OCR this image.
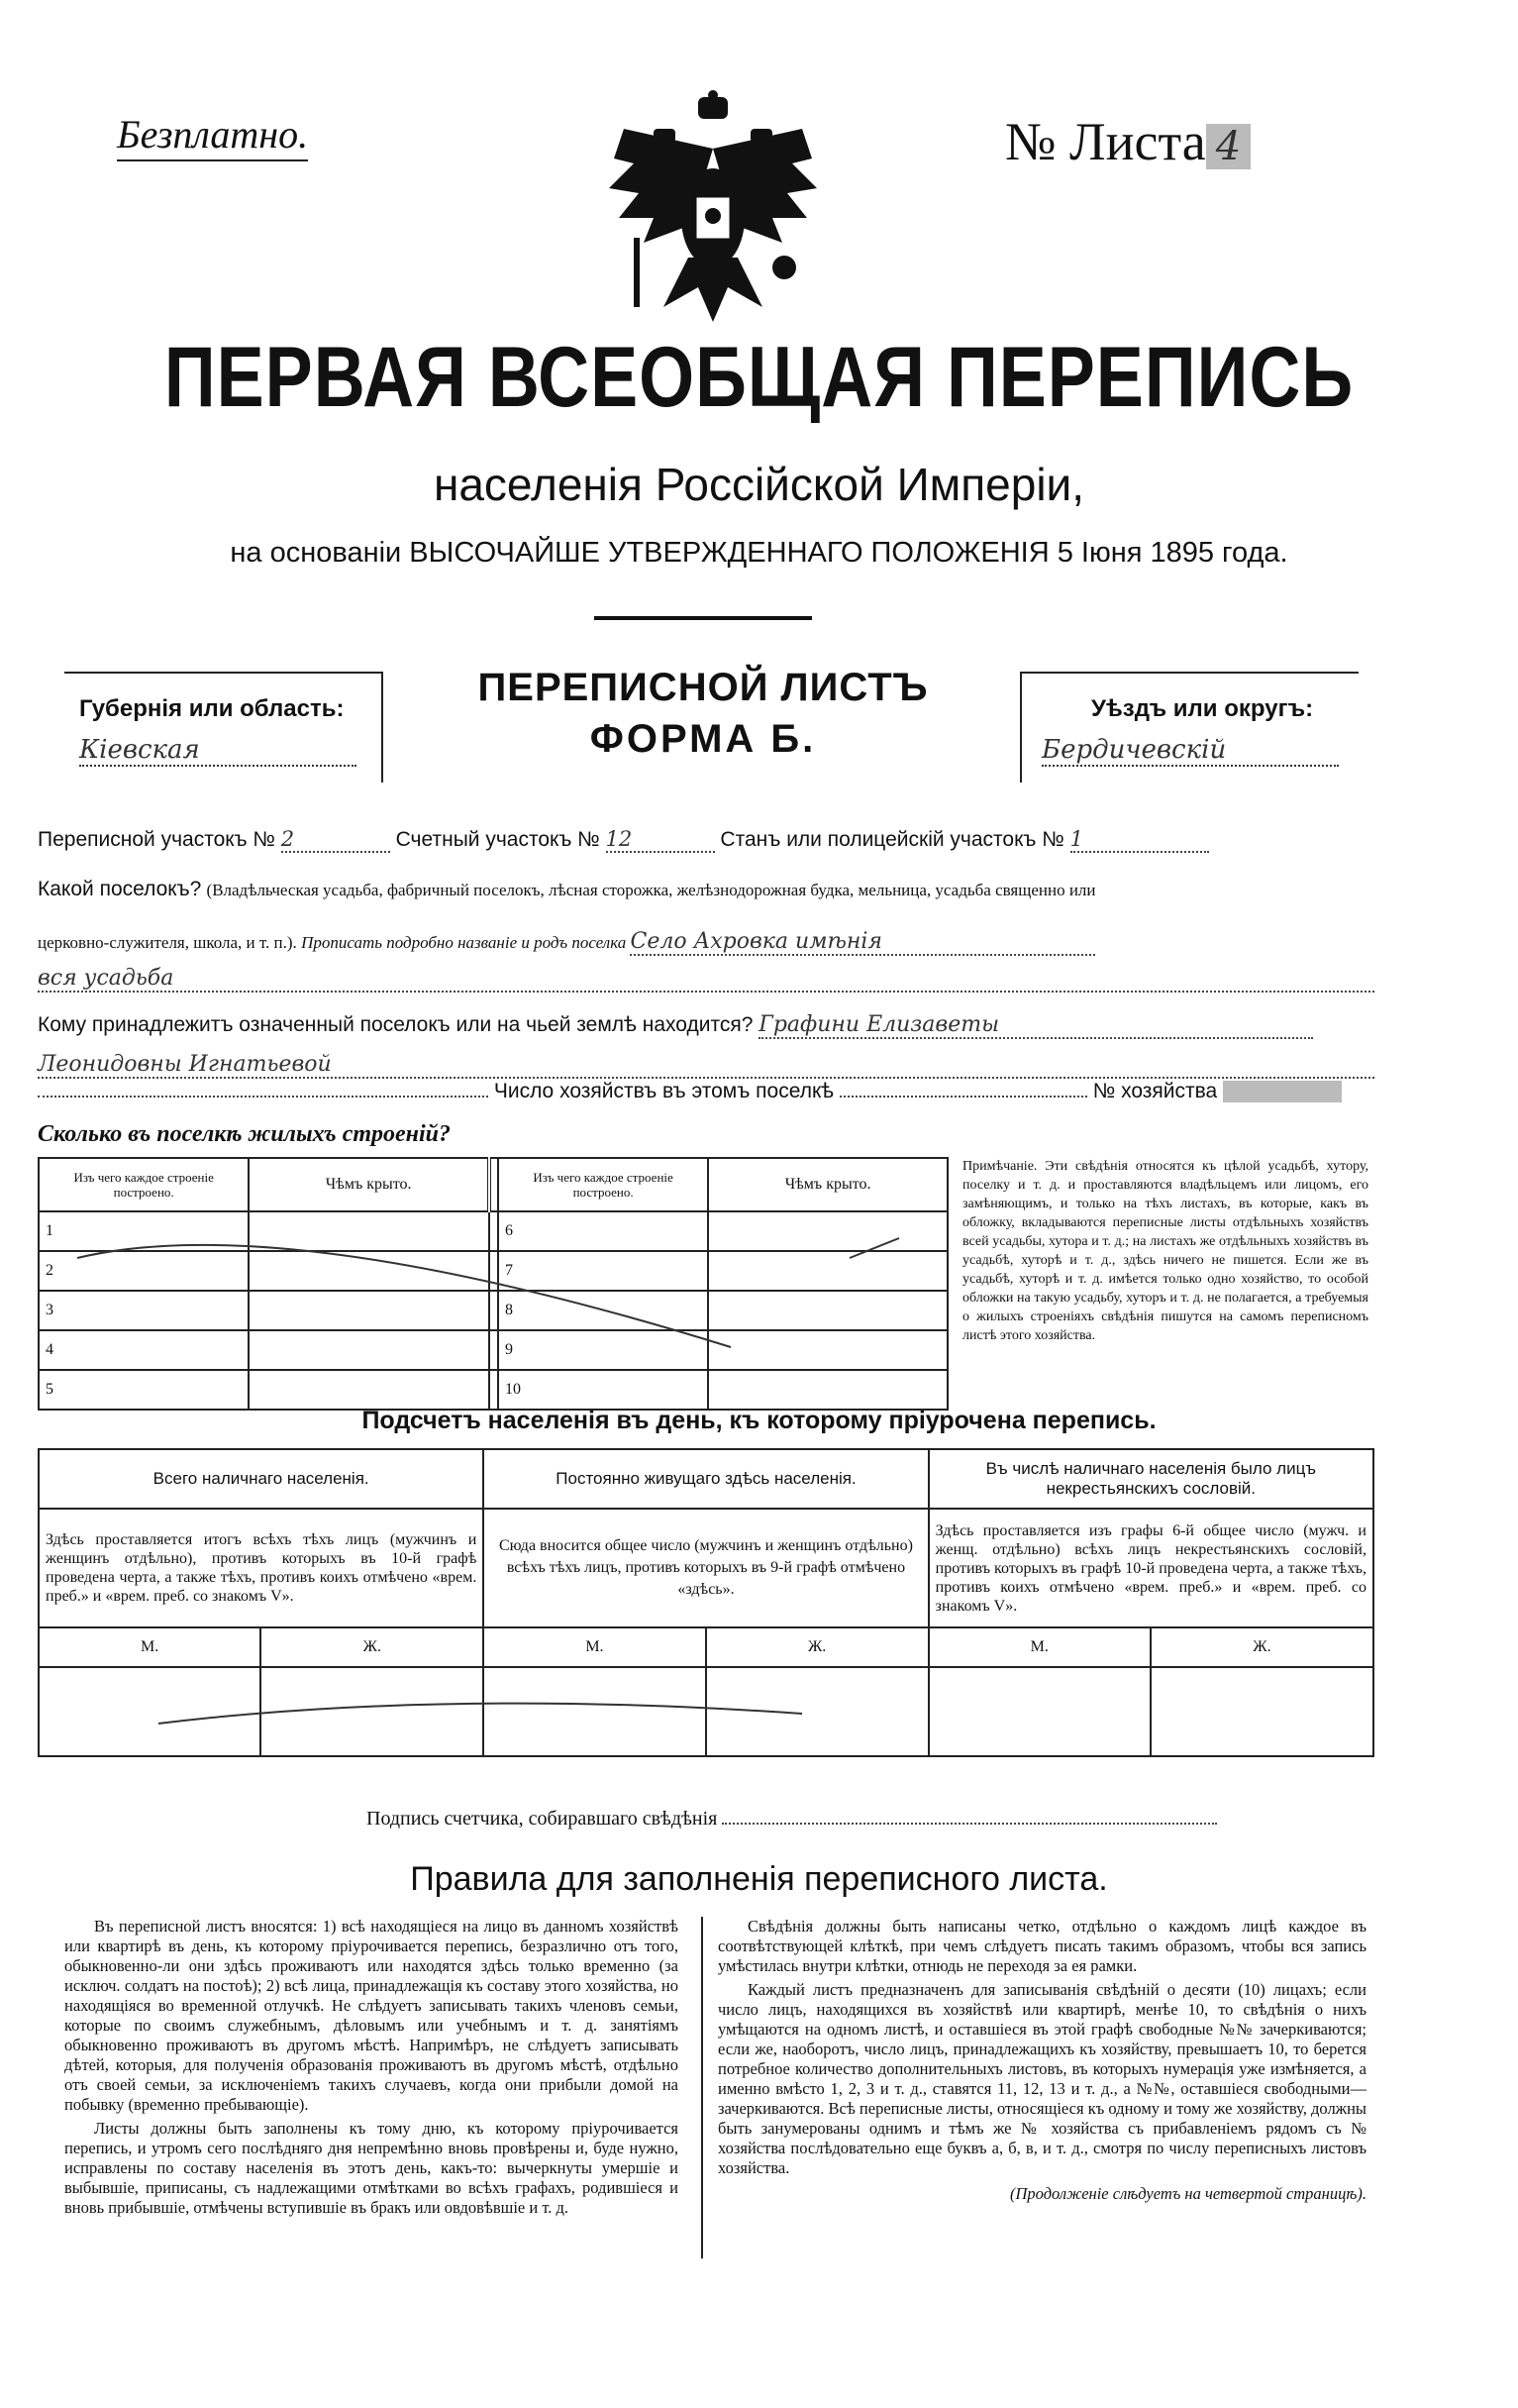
Безплатно.	№ Листа 4
ПЕРВАЯ ВСЕОБЩАЯ ПЕРЕПИСЬ
населенія Россійской Имперіи,
на основаніи ВЫСОЧАЙШЕ УТВЕРЖДЕННАГО ПОЛОЖЕНІЯ 5 Іюня 1895 года.
Губернія или область:
Кіевская
ПЕРЕПИСНОЙ ЛИСТЪ
ФОРМА Б.
Уѣздъ или округъ:
Бердичевскій
Переписной участокъ № 2	Счетный участокъ № 12	Станъ или полицейскій участокъ № 1
Какой поселокъ? (Владѣльческая усадьба, фабричный поселокъ, лѣсная сторожка, желѣзнодорожная будка, мельница, усадьба священно или
церковно-служителя, школа, и т. п.). Прописать подробно названіе и родъ поселка Село Ахровка имѣнія
вся усадьба
Кому принадлежитъ означенный поселокъ или на чьей землѣ находится? Графини Елизаветы
Леонидовны Игнатьевой
Число хозяйствъ въ этомъ поселкѣ	№ хозяйства
Сколько въ поселкѣ жилыхъ строеній?
Изъ чего каждое строеніе построено.	Чѣмъ крыто.		Изъ чего каждое строеніе построено.	Чѣмъ крыто.
1			6	
2			7	
3			8	
4			9	
5			10	
Примѣчаніе. Эти свѣдѣнія относятся къ цѣлой усадьбѣ, хутору, поселку и т. д. и проставляются владѣльцемъ или лицомъ, его замѣняющимъ, и только на тѣхъ листахъ, въ которые, какъ въ обложку, вкладываются переписные листы отдѣльныхъ хозяйствъ всей усадьбы, хутора и т. д.; на листахъ же отдѣльныхъ хозяйствъ въ усадьбѣ, хуторѣ и т. д., здѣсь ничего не пишется. Если же въ усадьбѣ, хуторѣ и т. д. имѣется только одно хозяйство, то особой обложки на такую усадьбу, хуторъ и т. д. не полагается, а требуемыя о жилыхъ строеніяхъ свѣдѣнія пишутся на самомъ переписномъ листѣ этого хозяйства.
Подсчетъ населенія въ день, къ которому пріурочена перепись.
Всего наличнаго населенія.		Постоянно живущаго здѣсь населенія.		Въ числѣ наличнаго населенія было лицъ некрестьянскихъ сословій.	
Здѣсь проставляется итогъ всѣхъ тѣхъ лицъ (мужчинъ и женщинъ отдѣльно), противъ которыхъ въ 10-й графѣ проведена черта, а также тѣхъ, противъ коихъ отмѣчено «врем. преб.» и «врем. преб. со знакомъ V».		Сюда вносится общее число (мужчинъ и женщинъ отдѣльно) всѣхъ тѣхъ лицъ, противъ которыхъ въ 9-й графѣ отмѣчено «здѣсь».		Здѣсь проставляется изъ графы 6-й общее число (мужч. и женщ. отдѣльно) всѣхъ лицъ некрестьянскихъ сословій, противъ которыхъ въ графѣ 10-й проведена черта, а также тѣхъ, противъ коихъ отмѣчено «врем. преб.» и «врем. преб. со знакомъ V».	
М.	Ж.	М.	Ж.	М.	Ж.

Подпись счетчика, собиравшаго свѣдѣнія
Правила для заполненія переписного листа.

Въ переписной листъ вносятся: 1) всѣ находящіеся на лицо въ данномъ хозяйствѣ или квартирѣ въ день, къ которому пріурочивается перепись, безразлично отъ того, обыкновенно-ли они здѣсь проживаютъ или находятся здѣсь только временно (за исключ. солдатъ на постоѣ); 2) всѣ лица, принадлежащія къ составу этого хозяйства, но находящіяся во временной отлучкѣ. Не слѣдуетъ записывать такихъ членовъ семьи, которые по своимъ служебнымъ, дѣловымъ или учебнымъ и т. д. занятіямъ обыкновенно проживаютъ въ другомъ мѣстѣ. Напримѣръ, не слѣдуетъ записывать дѣтей, которыя, для полученія образованія проживаютъ въ другомъ мѣстѣ, отдѣльно отъ своей семьи, за исключеніемъ такихъ случаевъ, когда они прибыли домой на побывку (временно пребывающіе).

Листы должны быть заполнены къ тому дню, къ которому пріурочивается перепись, и утромъ сего послѣдняго дня непремѣнно вновь провѣрены и, буде нужно, исправлены по составу населенія въ этотъ день, какъ-то: вычеркнуты умершіе и выбывшіе, приписаны, съ надлежащими отмѣтками во всѣхъ графахъ, родившіеся и вновь прибывшіе, отмѣчены вступившіе въ бракъ или овдовѣвшіе и т. д.

Свѣдѣнія должны быть написаны четко, отдѣльно о каждомъ лицѣ каждое въ соотвѣтствующей клѣткѣ, при чемъ слѣдуетъ писать такимъ образомъ, чтобы вся запись умѣстилась внутри клѣтки, отнюдь не переходя за ея рамки.

Каждый листъ предназначенъ для записыванія свѣдѣній о десяти (10) лицахъ; если число лицъ, находящихся въ хозяйствѣ или квартирѣ, менѣе 10, то свѣдѣнія о нихъ умѣщаются на одномъ листѣ, и оставшіеся въ этой графѣ свободные №№ зачеркиваются; если же, наоборотъ, число лицъ, принадлежащихъ къ хозяйству, превышаетъ 10, то берется потребное количество дополнительныхъ листовъ, въ которыхъ нумерація уже измѣняется, а именно вмѣсто 1, 2, 3 и т. д., ставятся 11, 12, 13 и т. д., а №№, оставшіеся свободными—зачеркиваются. Всѣ переписные листы, относящіеся къ одному и тому же хозяйству, должны быть занумерованы однимъ и тѣмъ же № хозяйства съ прибавленіемъ рядомъ съ № хозяйства послѣдовательно еще буквъ а, б, в, и т. д., смотря по числу переписныхъ листовъ хозяйства.

(Продолженіе слѣдуетъ на четвертой страницѣ).
